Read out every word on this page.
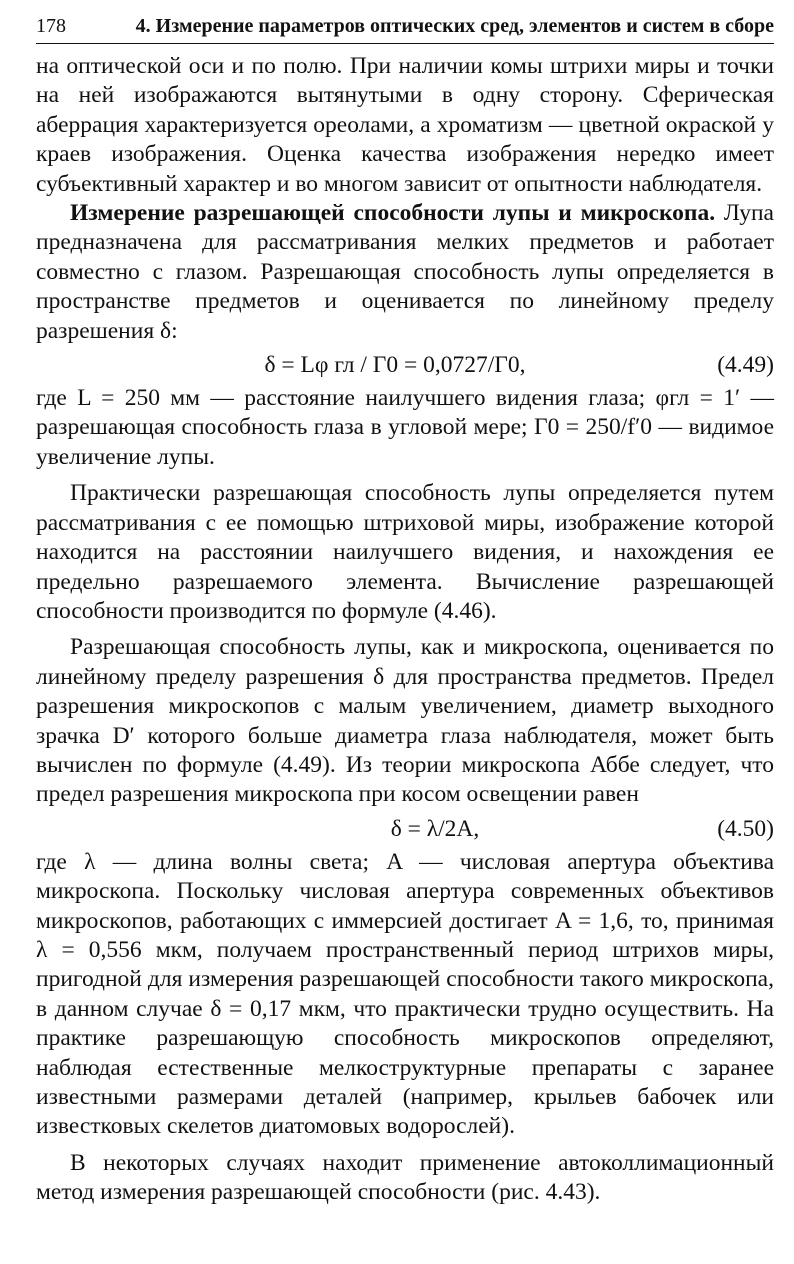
178	4. Измерение параметров оптических сред, элементов и систем в сборе

на оптической оси и по полю. При наличии комы штрихи миры и точки на ней изображаются вытянутыми в одну сторону. Сферическая аберрация характеризуется ореолами, а хроматизм — цветной окраской у краев изображения. Оценка качества изображения нередко имеет субъективный характер и во многом зависит от опытности наблюдателя.

Измерение разрешающей способности лупы и микроскопа. Лупа предназначена для рассматривания мелких предметов и работает совместно с глазом. Разрешающая способность лупы определяется в пространстве предметов и оценивается по линейному пределу разрешения δ:

δ = Lφ гл / Γ0 = 0,0727/Γ0,	(4.49)

где L = 250 мм — расстояние наилучшего видения глаза; φгл = 1′ — разрешающая способность глаза в угловой мере; Γ0 = 250/f′0 — видимое увеличение лупы.

Практически разрешающая способность лупы определяется путем рассматривания с ее помощью штриховой миры, изображение которой находится на расстоянии наилучшего видения, и нахождения ее предельно разрешаемого элемента. Вычисление разрешающей способности производится по формуле (4.46).

Разрешающая способность лупы, как и микроскопа, оценивается по линейному пределу разрешения δ для пространства предметов. Предел разрешения микроскопов с малым увеличением, диаметр выходного зрачка D′ которого больше диаметра глаза наблюдателя, может быть вычислен по формуле (4.49). Из теории микроскопа Аббе следует, что предел разрешения микроскопа при косом освещении равен

δ = λ/2A,	(4.50)

где λ — длина волны света; A — числовая апертура объектива микроскопа. Поскольку числовая апертура современных объективов микроскопов, работающих с иммерсией достигает A = 1,6, то, принимая λ = 0,556 мкм, получаем пространственный период штрихов миры, пригодной для измерения разрешающей способности такого микроскопа, в данном случае δ = 0,17 мкм, что практически трудно осуществить. На практике разрешающую способность микроскопов определяют, наблюдая естественные мелкоструктурные препараты с заранее известными размерами деталей (например, крыльев бабочек или известковых скелетов диатомовых водорослей).

В некоторых случаях находит применение автоколлимационный метод измерения разрешающей способности (рис. 4.43).
